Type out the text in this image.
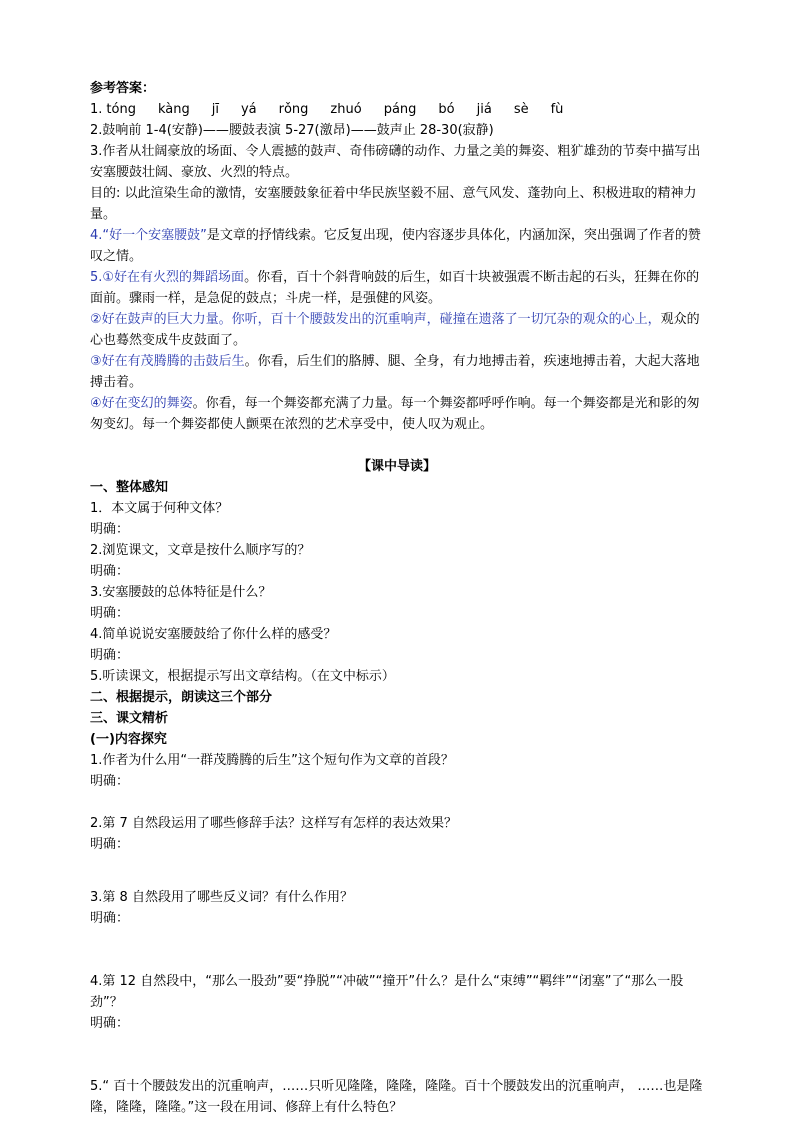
参考答案：

1. tóng kàng jī yá rǒng zhuó páng bó jiá sè fù

2.鼓响前 1-4(安静)——腰鼓表演 5-27(激昂)——鼓声止 28-30(寂静)

3.作者从壮阔豪放的场面、令人震撼的鼓声、奇伟磅礴的动作、力量之美的舞姿、粗犷雄劲的节奏中描写出安塞腰鼓壮阔、豪放、火烈的特点。

目的: 以此渲染生命的激情，安塞腰鼓象征着中华民族坚毅不屈、意气风发、蓬勃向上、积极进取的精神力量。

4.“好一个安塞腰鼓”是文章的抒情线索。它反复出现，使内容逐步具体化，内涵加深，突出强调了作者的赞叹之情。

5.①好在有火烈的舞蹈场面。你看，百十个斜背响鼓的后生，如百十块被强震不断击起的石头，狂舞在你的面前。骤雨一样，是急促的鼓点；斗虎一样，是强健的风姿。

②好在鼓声的巨大力量。你听，百十个腰鼓发出的沉重响声，碰撞在遗落了一切冗杂的观众的心上，观众的心也蓦然变成牛皮鼓面了。

③好在有茂腾腾的击鼓后生。你看，后生们的胳膊、腿、全身，有力地搏击着，疾速地搏击着，大起大落地搏击着。

④好在变幻的舞姿。你看，每一个舞姿都充满了力量。每一个舞姿都呼呼作响。每一个舞姿都是光和影的匆匆变幻。每一个舞姿都使人颤栗在浓烈的艺术享受中，使人叹为观止。

【课中导读】

一、整体感知

1．本文属于何种文体？

明确：

2.浏览课文，文章是按什么顺序写的？

明确：

3.安塞腰鼓的总体特征是什么？

明确：

4.简单说说安塞腰鼓给了你什么样的感受？

明确：

5.听读课文，根据提示写出文章结构。（在文中标示）

二、根据提示，朗读这三个部分

三、课文精析

(一)内容探究

1.作者为什么用“一群茂腾腾的后生”这个短句作为文章的首段？

明确：

2.第 7 自然段运用了哪些修辞手法？这样写有怎样的表达效果？

明确：

3.第 8 自然段用了哪些反义词？有什么作用？

明确：

4.第 12 自然段中，“那么一股劲”要“挣脱”“冲破”“撞开”什么？是什么“束缚”“羁绊”“闭塞”了“那么一股劲”？

明确：

5.“ 百十个腰鼓发出的沉重响声，……只听见隆隆，隆隆，隆隆。百十个腰鼓发出的沉重响声， ……也是隆隆，隆隆，隆隆。”这一段在用词、修辞上有什么特色？
